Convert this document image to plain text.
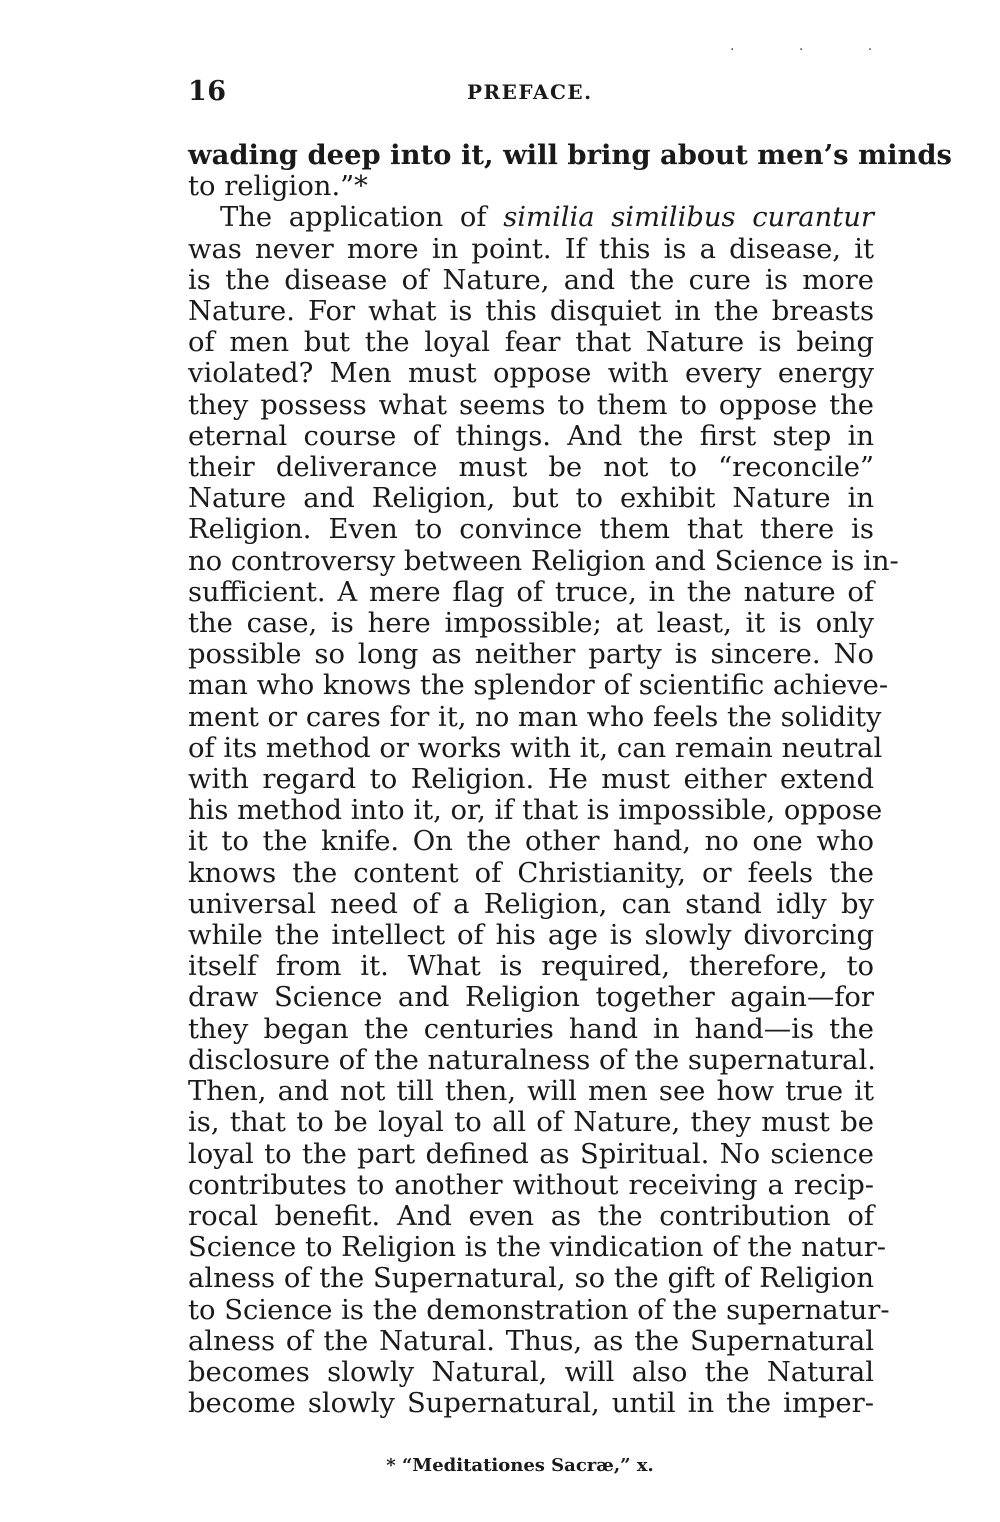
16	PREFACE.
· · ·
wading deep into it, will bring about men’s minds
to religion.”*
The application of similia similibus curantur
was never more in point. If this is a disease, it
is the disease of Nature, and the cure is more
Nature. For what is this disquiet in the breasts
of men but the loyal fear that Nature is being
violated? Men must oppose with every energy
they possess what seems to them to oppose the
eternal course of things. And the first step in
their deliverance must be not to “reconcile”
Nature and Religion, but to exhibit Nature in
Religion. Even to convince them that there is
no controversy between Religion and Science is in-
sufficient. A mere flag of truce, in the nature of
the case, is here impossible; at least, it is only
possible so long as neither party is sincere. No
man who knows the splendor of scientific achieve-
ment or cares for it, no man who feels the solidity
of its method or works with it, can remain neutral
with regard to Religion. He must either extend
his method into it, or, if that is impossible, oppose
it to the knife. On the other hand, no one who
knows the content of Christianity, or feels the
universal need of a Religion, can stand idly by
while the intellect of his age is slowly divorcing
itself from it. What is required, therefore, to
draw Science and Religion together again—for
they began the centuries hand in hand—is the
disclosure of the naturalness of the supernatural.
Then, and not till then, will men see how true it
is, that to be loyal to all of Nature, they must be
loyal to the part defined as Spiritual. No science
contributes to another without receiving a recip-
rocal benefit. And even as the contribution of
Science to Religion is the vindication of the natur-
alness of the Supernatural, so the gift of Religion
to Science is the demonstration of the supernatur-
alness of the Natural. Thus, as the Supernatural
becomes slowly Natural, will also the Natural
become slowly Supernatural, until in the imper-
* “Meditationes Sacræ,” x.
